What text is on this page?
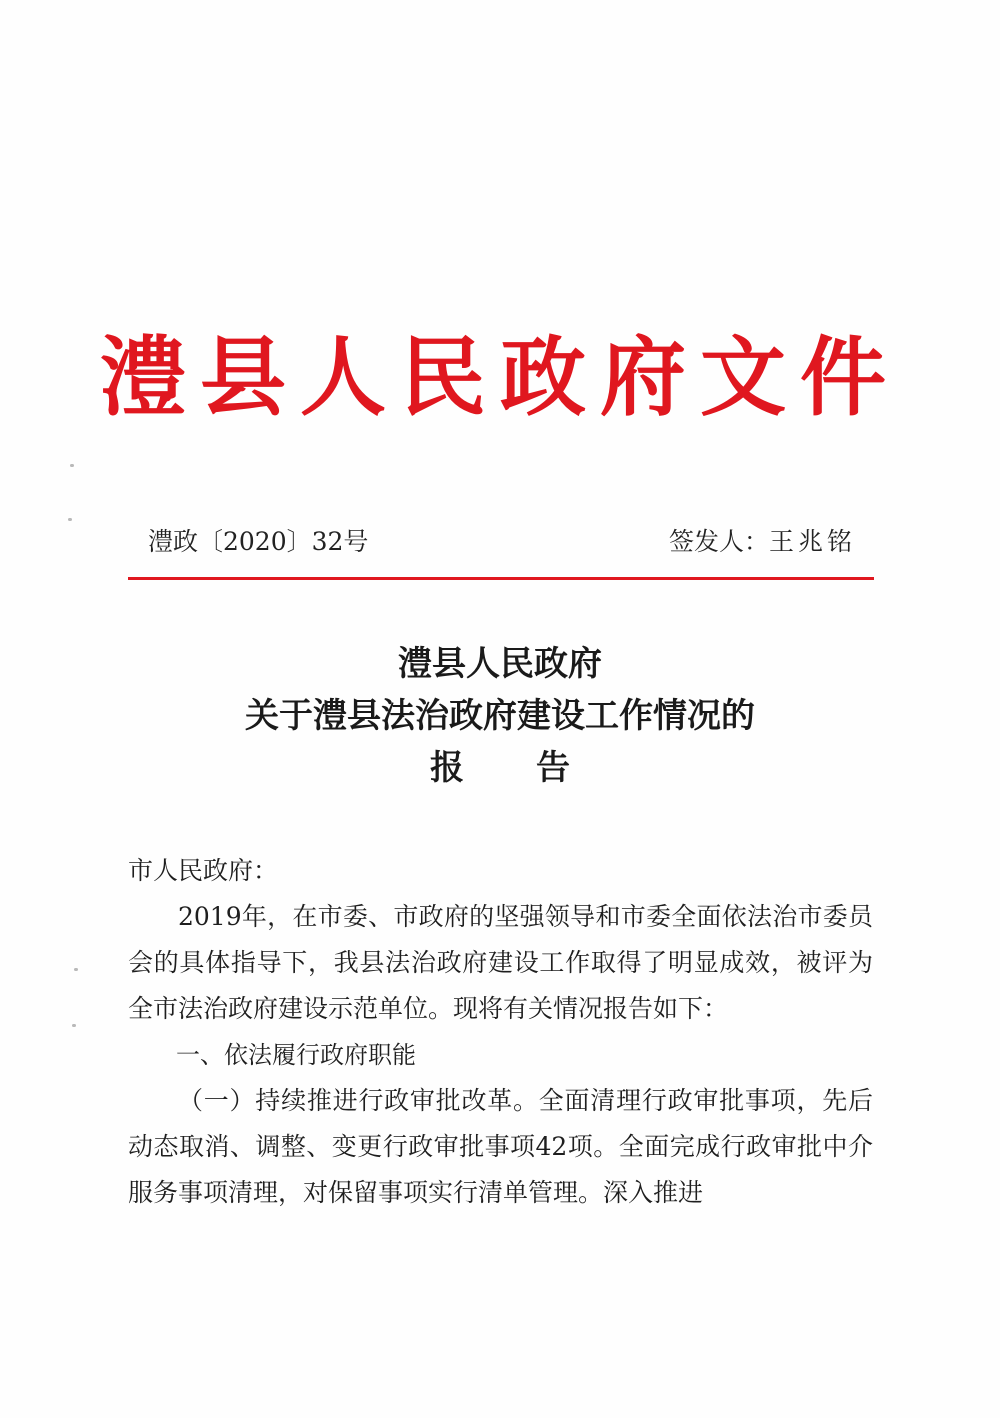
澧县人民政府文件
澧政〔2020〕32号	签发人：王兆铭
澧县人民政府
关于澧县法治政府建设工作情况的
报告

市人民政府：

2019年，在市委、市政府的坚强领导和市委全面依法治市委员会的具体指导下，我县法治政府建设工作取得了明显成效，被评为全市法治政府建设示范单位。现将有关情况报告如下：

一、依法履行政府职能

（一）持续推进行政审批改革。全面清理行政审批事项，先后动态取消、调整、变更行政审批事项42项。全面完成行政审批中介服务事项清理，对保留事项实行清单管理。深入推进
